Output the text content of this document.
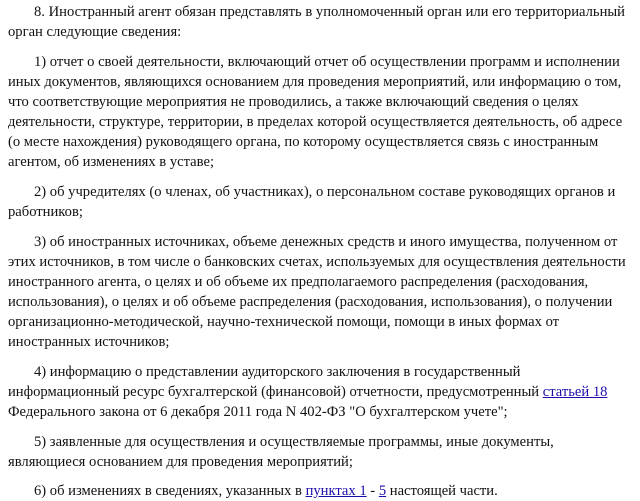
8. Иностранный агент обязан представлять в уполномоченный орган или его территориальный орган следующие сведения:

1) отчет о своей деятельности, включающий отчет об осуществлении программ и исполнении иных документов, являющихся основанием для проведения мероприятий, или информацию о том, что соответствующие мероприятия не проводились, а также включающий сведения о целях деятельности, структуре, территории, в пределах которой осуществляется деятельность, об адресе (о месте нахождения) руководящего органа, по которому осуществляется связь с иностранным агентом, об изменениях в уставе;

2) об учредителях (о членах, об участниках), о персональном составе руководящих органов и работников;

3) об иностранных источниках, объеме денежных средств и иного имущества, полученном от этих источников, в том числе о банковских счетах, используемых для осуществления деятельности иностранного агента, о целях и об объеме их предполагаемого распределения (расходования, использования), о целях и об объеме распределения (расходования, использования), о получении организационно-методической, научно-технической помощи, помощи в иных формах от иностранных источников;

4) информацию о представлении аудиторского заключения в государственный информационный ресурс бухгалтерской (финансовой) отчетности, предусмотренный статьей 18 Федерального закона от 6 декабря 2011 года N 402-ФЗ "О бухгалтерском учете";

5) заявленные для осуществления и осуществляемые программы, иные документы, являющиеся основанием для проведения мероприятий;

6) об изменениях в сведениях, указанных в пунктах 1 - 5 настоящей части.
